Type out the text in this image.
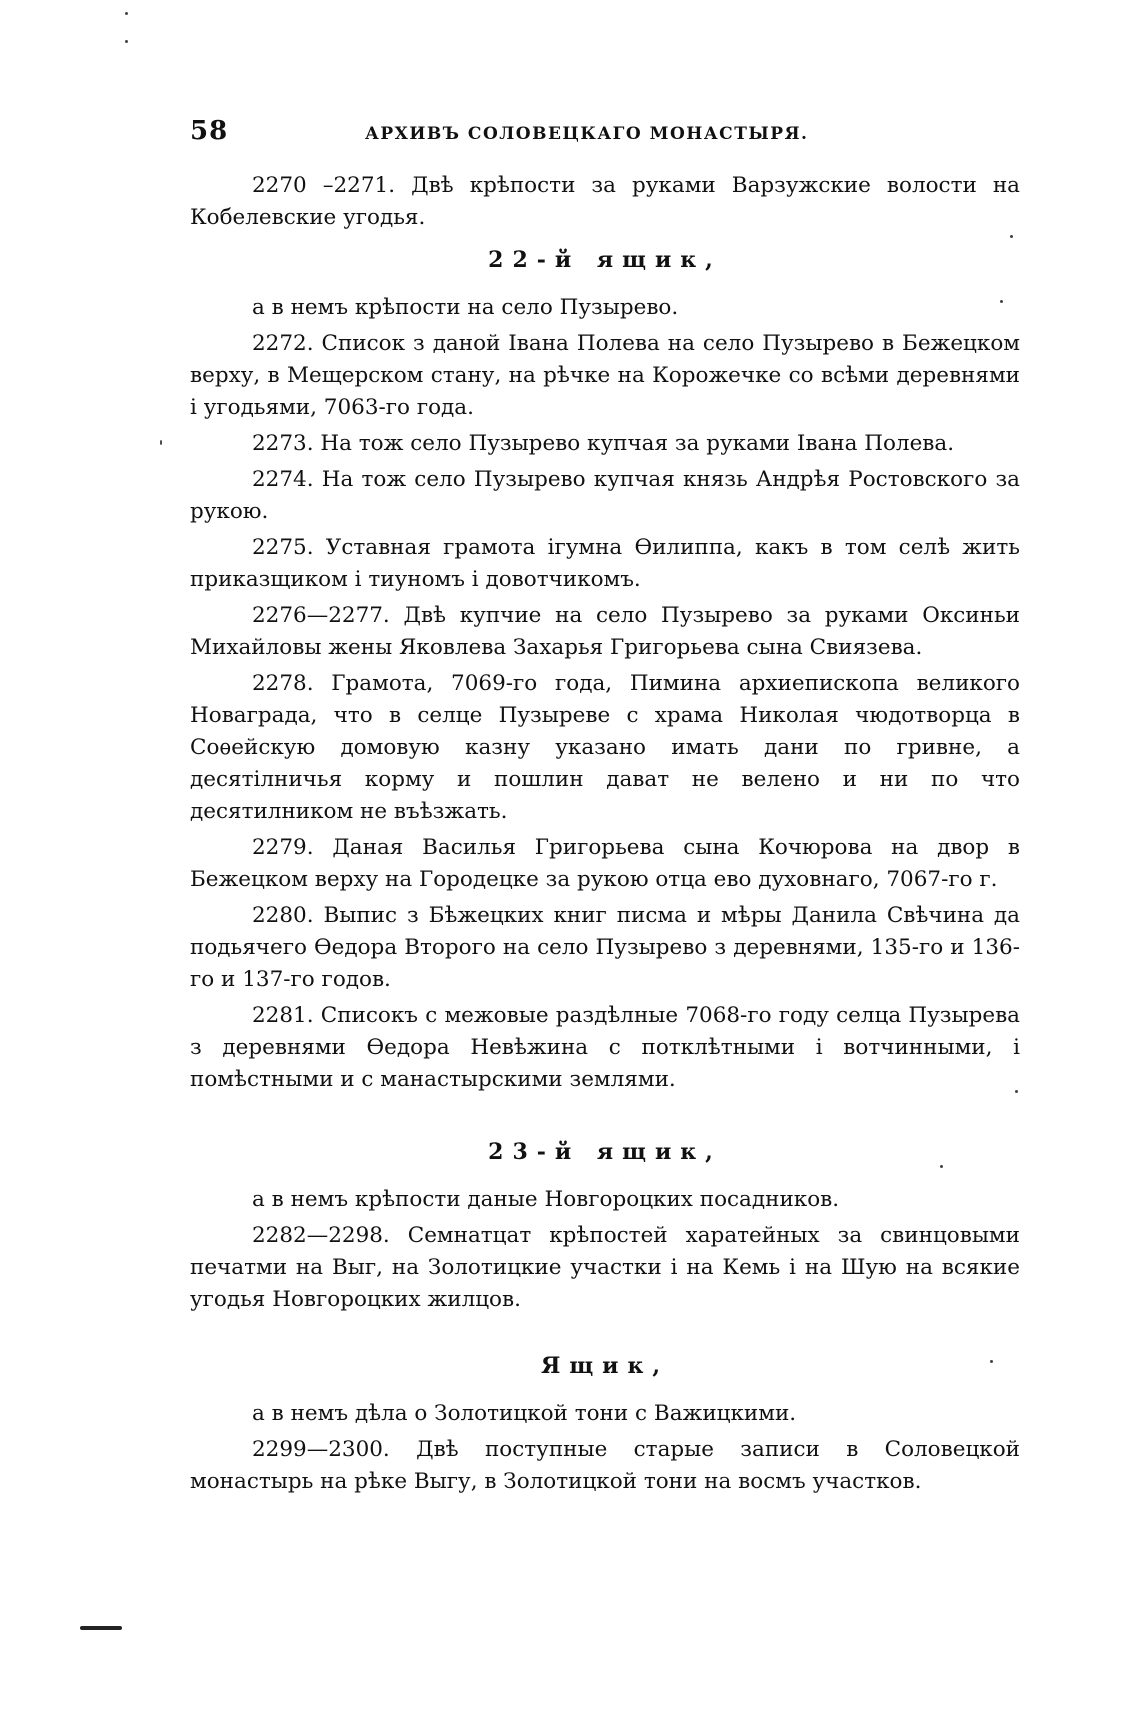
58	АРХИВЪ СОЛОВЕЦКАГО МОНАСТЫРЯ.

2270 –2271. Двѣ крѣпости за руками Варзужские волости на Кобелевские угодья.

22-й ящик,

а в немъ крѣпости на село Пузырево.

2272. Список з даной Івана Полева на село Пузырево в Бежецком верху, в Мещерском стану, на рѣчке на Корожечке со всѣми деревнями і угодьями, 7063-го года.

2273. На тож село Пузырево купчая за руками Івана Полева.

2274. На тож село Пузырево купчая князь Андрѣя Ростовского за рукою.

2275. Уставная грамота ігумна Ѳилиппа, какъ в том селѣ жить приказщиком і тиуномъ і довотчикомъ.

2276—2277. Двѣ купчие на село Пузырево за руками Оксиньи Михайловы жены Яковлева Захарья Григорьева сына Свиязева.

2278. Грамота, 7069-го года, Пимина архиепископа великого Новаграда, что в селце Пузыреве с храма Николая чюдотворца в Соѳейскую домовую казну указано имать дани по гривне, а десятілничья корму и пошлин дават не велено и ни по что десятилником не въѣзжать.

2279. Даная Василья Григорьева сына Кочюрова на двор в Бежецком верху на Городецке за рукою отца ево духовнаго, 7067-го г.

2280. Выпис з Бѣжецких книг писма и мѣры Данила Свѣчина да подьячего Ѳедора Второго на село Пузырево з деревнями, 135-го и 136-го и 137-го годов.

2281. Списокъ с межовые раздѣлные 7068-го году селца Пузырева з деревнями Ѳедора Невѣжина с потклѣтными і вотчинными, і помѣстными и с манастырскими землями.

23-й ящик,

а в немъ крѣпости даные Новгороцких посадников.

2282—2298. Семнатцат крѣпостей харатейных за свинцовыми печатми на Выг, на Золотицкие участки і на Кемь і на Шую на всякие угодья Новгороцких жилцов.

Ящик,

а в немъ дѣла о Золотицкой тони с Важицкими.

2299—2300. Двѣ поступные старые записи в Соловецкой монастырь на рѣке Выгу, в Золотицкой тони на восмъ участков.
